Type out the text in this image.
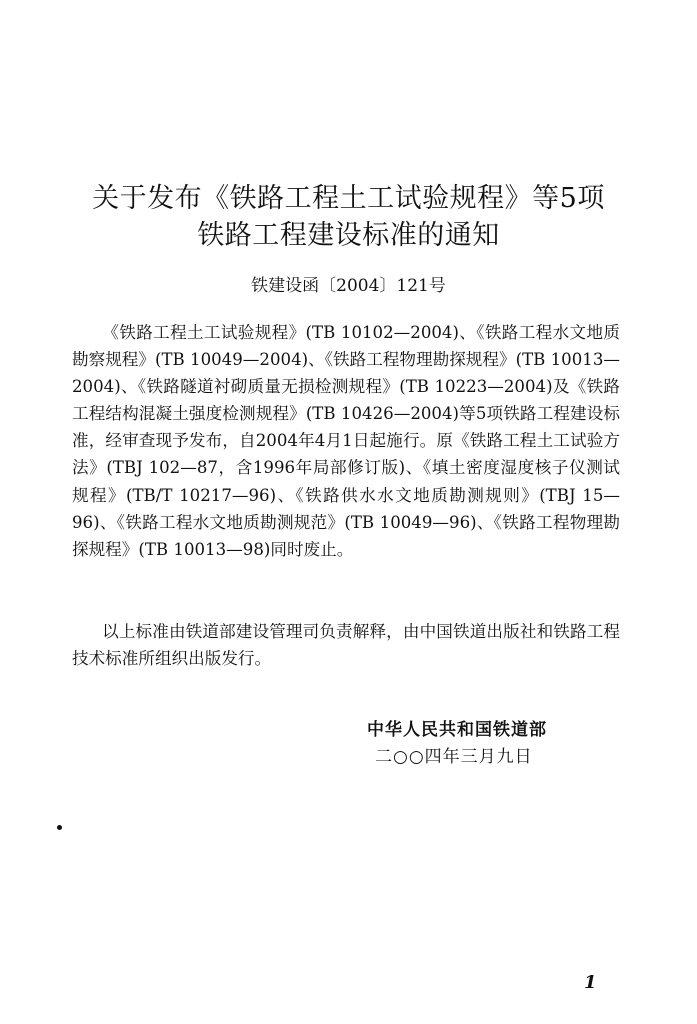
关于发布《铁路工程土工试验规程》等5项
铁路工程建设标准的通知
铁建设函〔2004〕121号
《铁路工程土工试验规程》(TB 10102—2004)、《铁路工程水文地质勘察规程》(TB 10049—2004)、《铁路工程物理勘探规程》(TB 10013—2004)、《铁路隧道衬砌质量无损检测规程》(TB 10223—2004)及《铁路工程结构混凝土强度检测规程》(TB 10426—2004)等5项铁路工程建设标准，经审查现予发布，自2004年4月1日起施行。原《铁路工程土工试验方法》(TBJ 102—87，含1996年局部修订版)、《填土密度湿度核子仪测试规程》(TB/T 10217—96)、《铁路供水水文地质勘测规则》(TBJ 15—96)、《铁路工程水文地质勘测规范》(TB 10049—96)、《铁路工程物理勘探规程》(TB 10013—98)同时废止。
以上标准由铁道部建设管理司负责解释，由中国铁道出版社和铁路工程技术标准所组织出版发行。
中华人民共和国铁道部
二○○四年三月九日
1
